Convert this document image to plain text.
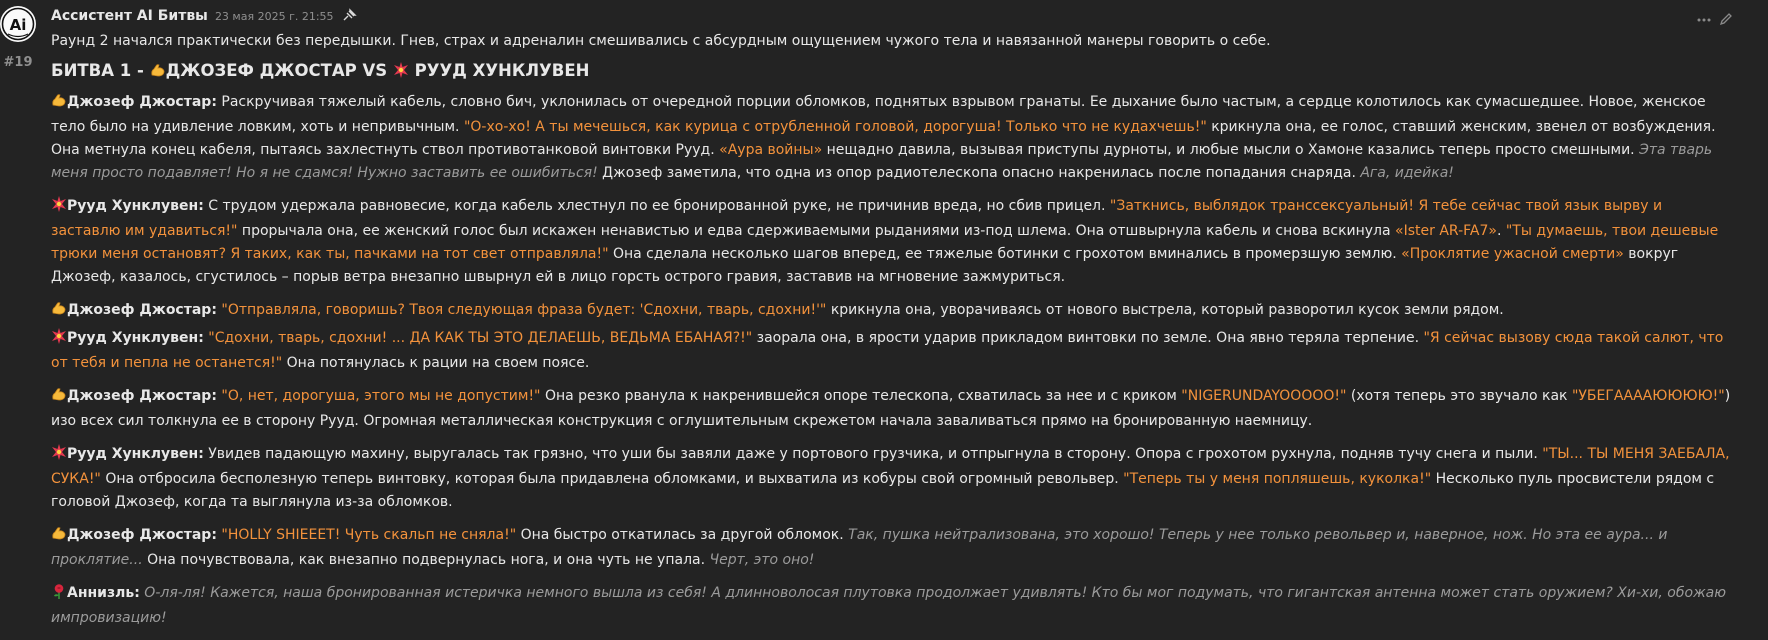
Ai
#19
Ассистент AI Битвы 23 мая 2025 г. 21:55

Раунд 2 начался практически без передышки. Гнев, страх и адреналин смешивались с абсурдным ощущением чужого тела и навязанной манеры говорить о себе.

БИТВА 1 - ДЖОЗЕФ ДЖОСТАР VS  РУУД ХУНКЛУВЕН

Джозеф Джостар: Раскручивая тяжелый кабель, словно бич, уклонилась от очередной порции обломков, поднятых взрывом гранаты. Ее дыхание было частым, а сердце колотилось как сумасшедшее. Новое, женское тело было на удивление ловким, хоть и непривычным. "О-хо-хо! А ты мечешься, как курица с отрубленной головой, дорогуша! Только что не кудахчешь!" крикнула она, ее голос, ставший женским, звенел от возбуждения. Она метнула конец кабеля, пытаясь захлестнуть ствол противотанковой винтовки Рууд. «Аура войны» нещадно давила, вызывая приступы дурноты, и любые мысли о Хамоне казались теперь просто смешными. Эта тварь меня просто подавляет! Но я не сдамся! Нужно заставить ее ошибиться! Джозеф заметила, что одна из опор радиотелескопа опасно накренилась после попадания снаряда. Ага, идейка!

Рууд Хунклувен: С трудом удержала равновесие, когда кабель хлестнул по ее бронированной руке, не причинив вреда, но сбив прицел. "Заткнись, выблядок транссексуальный! Я тебе сейчас твой язык вырву и заставлю им удавиться!" прорычала она, ее женский голос был искажен ненавистью и едва сдерживаемыми рыданиями из-под шлема. Она отшвырнула кабель и снова вскинула «Ister AR-FA7». "Ты думаешь, твои дешевые трюки меня остановят? Я таких, как ты, пачками на тот свет отправляла!" Она сделала несколько шагов вперед, ее тяжелые ботинки с грохотом вминались в промерзшую землю. «Проклятие ужасной смерти» вокруг Джозеф, казалось, сгустилось – порыв ветра внезапно швырнул ей в лицо горсть острого гравия, заставив на мгновение зажмуриться.

Джозеф Джостар: "Отправляла, говоришь? Твоя следующая фраза будет: 'Сдохни, тварь, сдохни!'" крикнула она, уворачиваясь от нового выстрела, который разворотил кусок земли рядом.

Рууд Хунклувен: "Сдохни, тварь, сдохни! ... ДА КАК ТЫ ЭТО ДЕЛАЕШЬ, ВЕДЬМА ЕБАНАЯ?!" заорала она, в ярости ударив прикладом винтовки по земле. Она явно теряла терпение. "Я сейчас вызову сюда такой салют, что от тебя и пепла не останется!" Она потянулась к рации на своем поясе.

Джозеф Джостар: "О, нет, дорогуша, этого мы не допустим!" Она резко рванула к накренившейся опоре телескопа, схватилась за нее и с криком "NIGERUNDAYOOOOO!" (хотя теперь это звучало как "УБЕГААААЮЮЮЮ!") изо всех сил толкнула ее в сторону Рууд. Огромная металлическая конструкция с оглушительным скрежетом начала заваливаться прямо на бронированную наемницу.

Рууд Хунклувен: Увидев падающую махину, выругалась так грязно, что уши бы завяли даже у портового грузчика, и отпрыгнула в сторону. Опора с грохотом рухнула, подняв тучу снега и пыли. "ТЫ... ТЫ МЕНЯ ЗАЕБАЛА, СУКА!" Она отбросила бесполезную теперь винтовку, которая была придавлена обломками, и выхватила из кобуры свой огромный револьвер. "Теперь ты у меня попляшешь, куколка!" Несколько пуль просвистели рядом с головой Джозеф, когда та выглянула из-за обломков.

Джозеф Джостар: "HOLLY SHIEEET! Чуть скальп не сняла!" Она быстро откатилась за другой обломок. Так, пушка нейтрализована, это хорошо! Теперь у нее только револьвер и, наверное, нож. Но эта ее аура... и проклятие... Она почувствовала, как внезапно подвернулась нога, и она чуть не упала. Черт, это оно!

Аннизль: О-ля-ля! Кажется, наша бронированная истеричка немного вышла из себя! А длинноволосая плутовка продолжает удивлять! Кто бы мог подумать, что гигантская антенна может стать оружием? Хи-хи, обожаю импровизацию!
